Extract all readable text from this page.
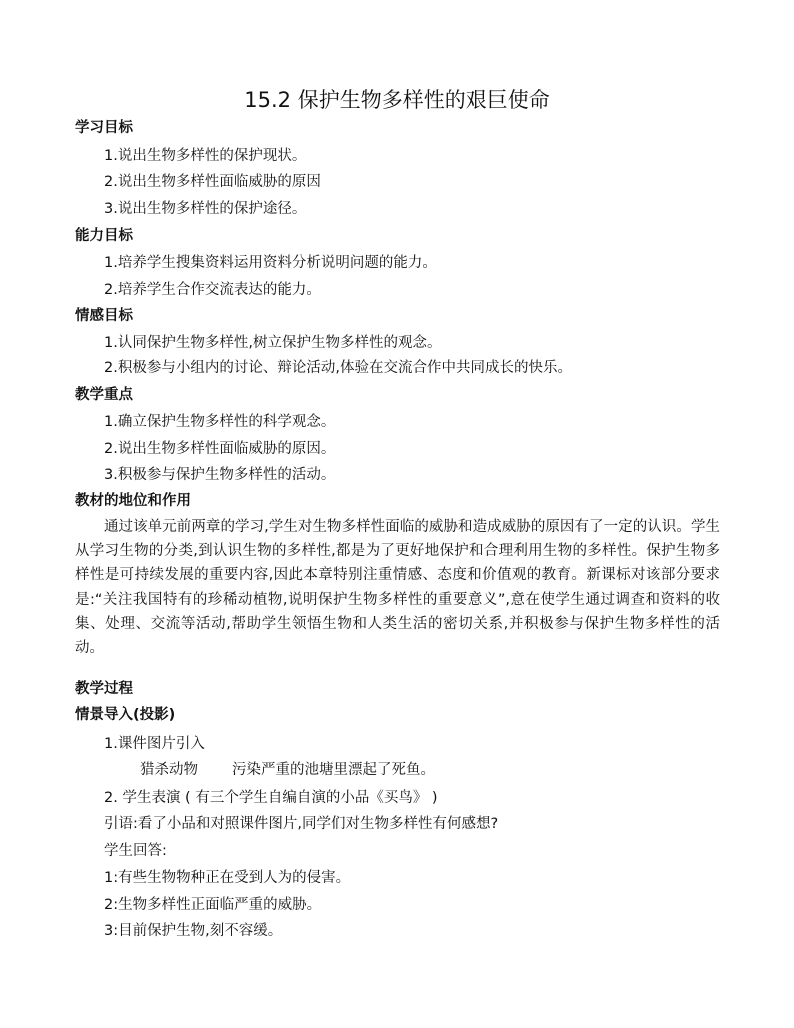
15.2 保护生物多样性的艰巨使命
学习目标
1.说出生物多样性的保护现状。
2.说出生物多样性面临威胁的原因
3.说出生物多样性的保护途径。
能力目标
1.培养学生搜集资料运用资料分析说明问题的能力。
2.培养学生合作交流表达的能力。
情感目标
1.认同保护生物多样性,树立保护生物多样性的观念。
2.积极参与小组内的讨论、辩论活动,体验在交流合作中共同成长的快乐。
教学重点
1.确立保护生物多样性的科学观念。
2.说出生物多样性面临威胁的原因。
3.积极参与保护生物多样性的活动。
教材的地位和作用
通过该单元前两章的学习,学生对生物多样性面临的威胁和造成威胁的原因有了一定的认识。学生从学习生物的分类,到认识生物的多样性,都是为了更好地保护和合理利用生物的多样性。保护生物多样性是可持续发展的重要内容,因此本章特别注重情感、态度和价值观的教育。新课标对该部分要求是:“关注我国特有的珍稀动植物,说明保护生物多样性的重要意义”,意在使学生通过调查和资料的收集、处理、交流等活动,帮助学生领悟生物和人类生活的密切关系,并积极参与保护生物多样性的活动。
教学过程
情景导入(投影)
1.课件图片引入
猎杀动物 污染严重的池塘里漂起了死鱼。
2. 学生表演 ( 有三个学生自编自演的小品《买鸟》 )
引语:看了小品和对照课件图片,同学们对生物多样性有何感想?
学生回答:
1:有些生物物种正在受到人为的侵害。
2:生物多样性正面临严重的威胁。
3:目前保护生物,刻不容缓。
